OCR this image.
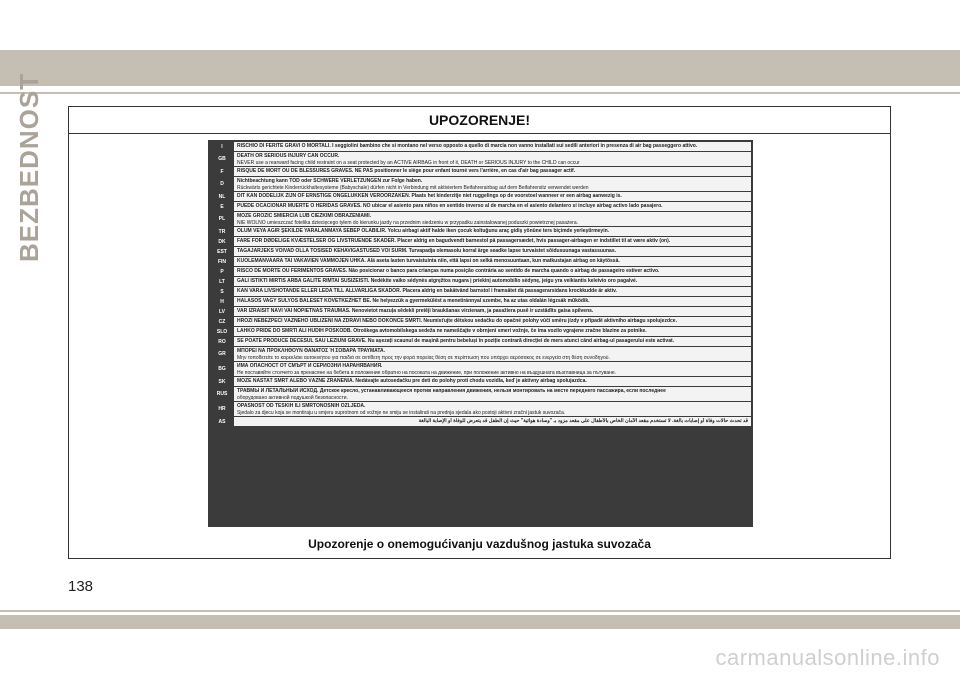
BEZBEDNOST	UPOZORENJE!
I	RISCHIO DI FERITE GRAVI O MORTALI. I seggiolini bambino che si montano nel verso opposto a quello di marcia non vanno installati sui sedili anteriori in presenza di air bag passeggero attivo.
GB	DEATH OR SERIOUS INJURY CAN OCCUR.
NEVER use a rearward facing child restraint on a seat protected by an ACTIVE AIRBAG in front of it, DEATH or SERIOUS INJURY to the CHILD can occur
F	RISQUE DE MORT OU DE BLESSURES GRAVES. NE PAS positionner le siège pour enfant tourné vers l'arrière, en cas d'air bag passager actif.
D	Nichtbeachtung kann TOD oder SCHWERE VERLETZUNGEN zur Folge haben.
Rückwärts gerichtete Kinderrückhaltesysteme (Babyschale) dürfen nicht in Verbindung mit aktiviertem Beifahrerairbag auf dem Beifahrersitz verwendet werden
NL	DIT KAN DODELIJK ZIJN OF ERNSTIGE ONGELUKKEN VEROORZAKEN. Plaats het kinderzitje niet ruggelings op de voorstoel wanneer er een airbag aanwezig is.
E	PUEDE OCACIONAR MUERTE O HERIDAS GRAVES. NO ubicar el asiento para niños en sentido inverso al de marcha en el asiento delantero si incluye airbag activo lado pasajero.
PL	MOŻE GROZIĆ ŚMIERCIA LUB CIEŻKIMI OBRAŻENIAMI.
NIE WOLNO umieszczać fotelika dziecięcego tyłem do kierunku jazdy na przednim siedzeniu w przypadku zainstalowanej poduszki powietrznej pasażera.
TR	ÖLÜM VEYA AĞIR ŞEKİLDE YARALANMAYA SEBEP OLABİLİR. Yolcu airbagi aktif halde iken çocuk koltuğunu araç gidiş yönüne ters biçimde yerleştirmeyin.
DK	FARE FOR DØDELIGE KVÆSTELSER OG LIVSTRUENDE SKADER. Placer aldrig en bagudvendt barnestol på passagersædet, hvis passager-airbagen er indstillet til at være aktiv (on).
EST	TAGAJÄRJEKS VÕIVAD OLLA TÕSISED KEHAVIGASTUSED VÕI SURM. Turvapadja olemasolu korral ärge seadke lapse turvaistet sõidusuunaga vastassuunas.
FIN	KUOLEMANVAARA TAI VAKAVIEN VAMMOJEN UHKA. Älä aseta lasten turvaistuinta niin, että lapsi on selkä menosuuntaan, kun matkustajan airbag on käytössä.
P	RISCO DE MORTE OU FERIMENTOS GRAVES. Não posicionar o banco para crianças numa posição contrária ao sentido de marcha quando o airbag de passageiro estiver activo.
LT	GALI IŠTIKTI MIRTIS ARBA GALITE RIMTAI SUSIŽEISTI. Nedėkite vaiko sėdynės atgręžtos nugara į priekinį automobilio sėdynę, jeigu yra veikiantis keleivio oro pagalvė.
S	KAN VARA LIVSHOTANDE ELLER LEDA TILL ALLVARLIGA SKADOR. Placera aldrig en bakåtvänd barnstol i framsätet då passagerarsidans krockkudde är aktiv.
H	HALÁSOS VAGY SÚLYOS BALESET KÖVETKEZHET BE. Ne helyezzük a gyermekülést a menetiránnyal szembe, ha az utas oldalán légzsák működik.
LV	VAR IZRAISĪT NĀVI VAI NOPIETNAS TRAUMAS. Nenovietot mazuļa sēdekli pretēji braukšanas virzienam, ja pasažiera pusē ir uzstādīts gaisa spilvens.
CZ	HROZÍ NEBEZPEČÍ VÁŽNÉHO UBLÍŽENÍ NA ZDRAVÍ NEBO DOKONCE SMRTI. Neumisťujte dětskou sedačku do opačné polohy vůči směru jízdy v případě aktivního airbagu spolujezdce.
SLO	LAHKO PRIDE DO SMRTI ALI HUDIH POŠKODB. Otroškega avtomobilskega sedeža ne nameščajte v obrnjeni smeri vožnje, če ima vozilo vgrajene zračne blazine za potnike.
RO	SE POATE PRODUCE DECESUL SAU LEZIUNI GRAVE. Nu așezați scaunul de mașină pentru bebeluși în poziție contrară direcției de mers atunci când airbag-ul pasagerului este activat.
GR	ΜΠΟΡΕΙ ΝΑ ΠΡΟΚΛΗΘΟΥΝ ΘΑΝΑΤΟΣ Ή ΣΟΒΑΡΑ ΤΡΑΥΜΑΤΑ.
Μην τοποθετείτε το καρεκλάκι αυτοκινήτου για παιδιά σε αντίθετη προς την φορά πορείας θέση σε περίπτωση που υπάρχει αερόσακος σε ενεργεία στη θέση συνοδηγού.
BG	ИМА ОПАСНОСТ ОТ СМЪРТ И СЕРИОЗНИ НАРАНЯВАНИЯ.
Не поставяйте столчето за пренасяне на бебета в положение обратно на посоката на движение, при положение активно на въздушната възглавница за пътуване.
SK	MÔŽE NASTAŤ SMRŤ ALEBO VÁŽNE ZRANENIA. Nedávajte autosedačku pre deti do polohy proti chodu vozidla, keď je aktívny airbag spolujazdca.
RUS	ТРАВМЫ И ЛЕТАЛЬНЫЙ ИСХОД. Детское кресло, устанавливающееся против направления движения, нельзя монтировать на месте переднего пассажира, если последнее
оборудовано активной подушкой безопасности.
HR	OPASNOST OD TEŠKIH ILI SMRTONOSNIH OZLJEDA.
Sjedalo za djecu koja se montiraju u smjeru suprotnom od vožnje ne smiju se instalirati na prednja sjedala ako postoji aktivni zračni jastuk suvozača.
AS	قد تحدث حالات وفاة أو إصابات بالغة. لا تستخدم مقعد الأمان الخاص بالأطفال على مقعد مزود بـ "وسادة هوائية" حيث إن الطفل قد يتعرض للوفاة أو الإصابة البالغة
Upozorenje o onemogućivanju vazdušnog jastuka suvozača
138
carmanualsonline.info
